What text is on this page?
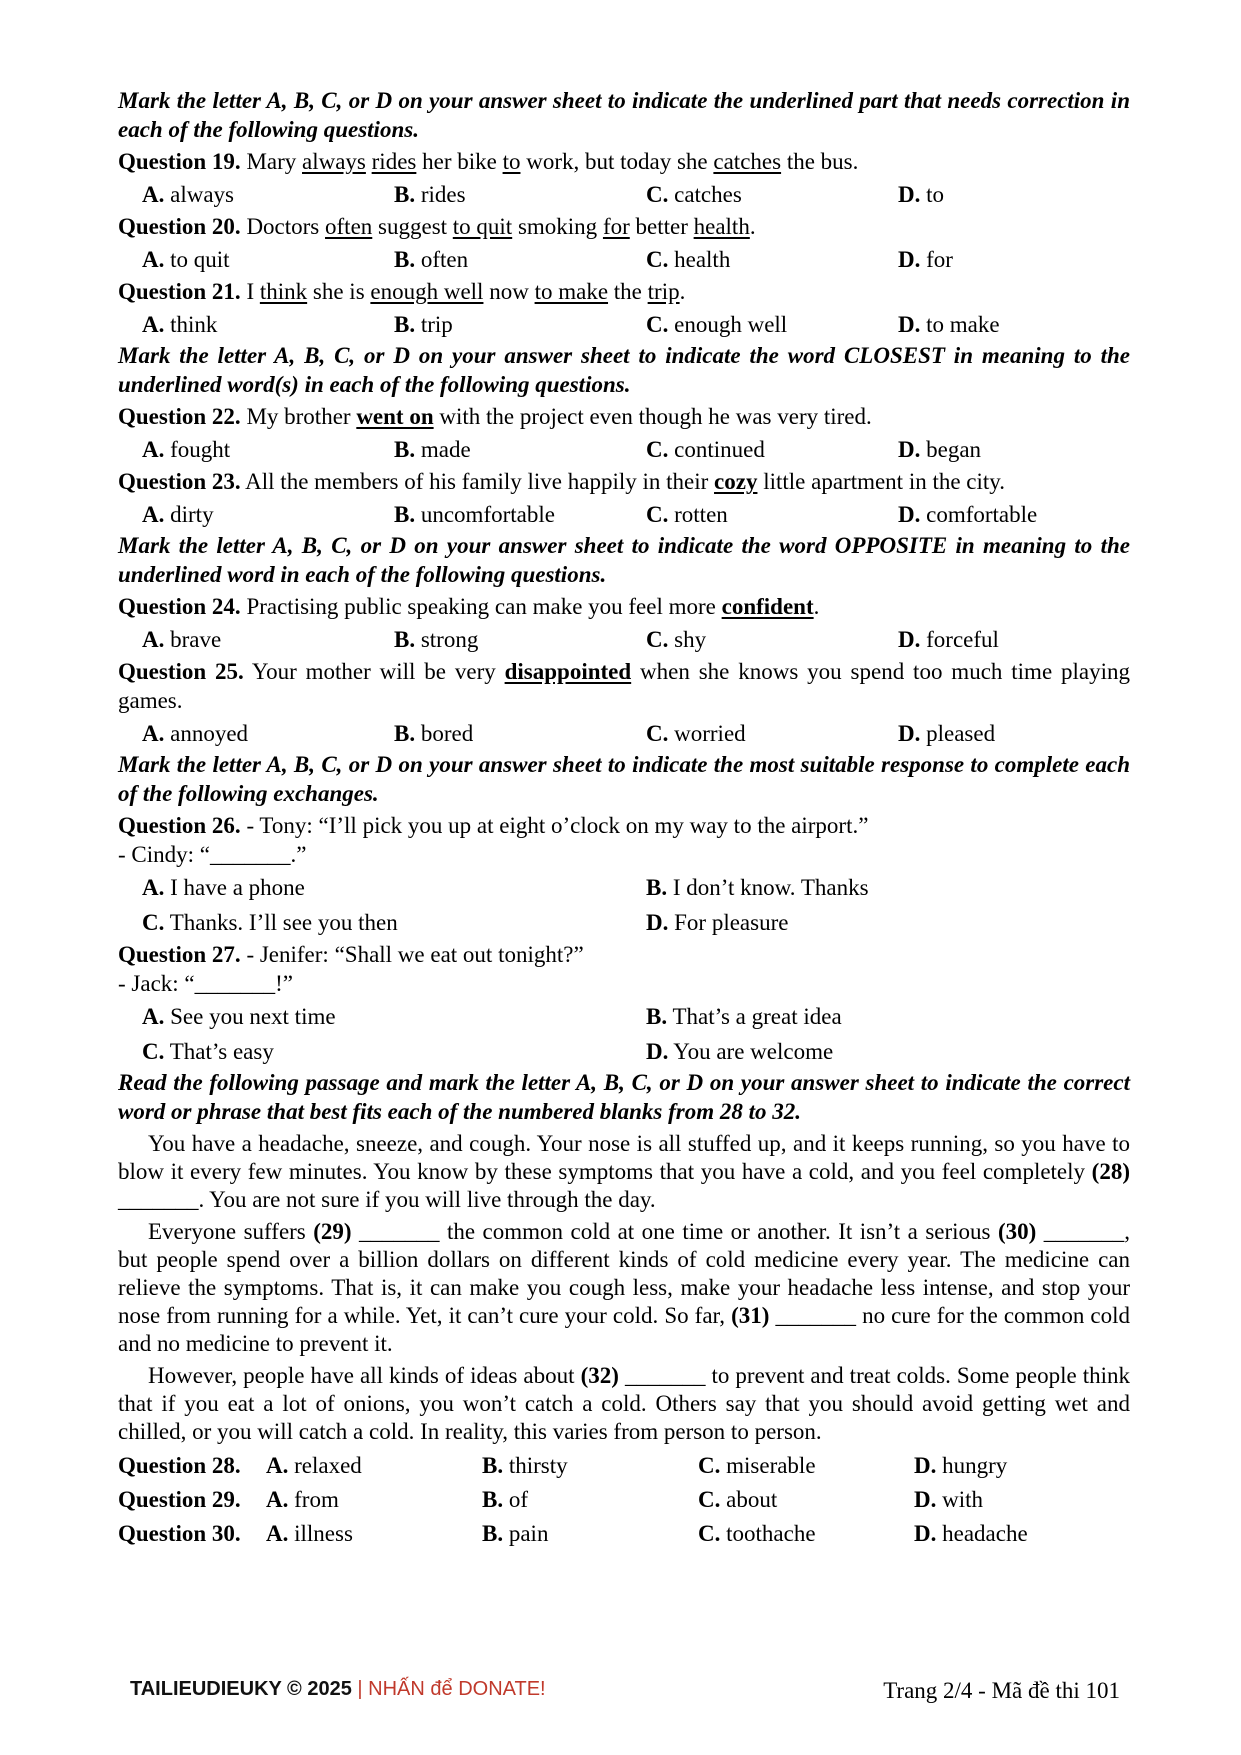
Mark the letter A, B, C, or D on your answer sheet to indicate the underlined part that needs correction in each of the following questions.
Question 19. Mary always rides her bike to work, but today she catches the bus.
A. always	B. rides	C. catches	D. to
Question 20. Doctors often suggest to quit smoking for better health.
A. to quit	B. often	C. health	D. for
Question 21. I think she is enough well now to make the trip.
A. think	B. trip	C. enough well	D. to make
Mark the letter A, B, C, or D on your answer sheet to indicate the word CLOSEST in meaning to the underlined word(s) in each of the following questions.
Question 22. My brother went on with the project even though he was very tired.
A. fought	B. made	C. continued	D. began
Question 23. All the members of his family live happily in their cozy little apartment in the city.
A. dirty	B. uncomfortable	C. rotten	D. comfortable
Mark the letter A, B, C, or D on your answer sheet to indicate the word OPPOSITE in meaning to the underlined word in each of the following questions.
Question 24. Practising public speaking can make you feel more confident.
A. brave	B. strong	C. shy	D. forceful
Question 25. Your mother will be very disappointed when she knows you spend too much time playing games.
A. annoyed	B. bored	C. worried	D. pleased
Mark the letter A, B, C, or D on your answer sheet to indicate the most suitable response to complete each of the following exchanges.
Question 26. - Tony: “I’ll pick you up at eight o’clock on my way to the airport.”
- Cindy: “_______.”
A. I have a phone	B. I don’t know. Thanks
C. Thanks. I’ll see you then	D. For pleasure
Question 27. - Jenifer: “Shall we eat out tonight?”
- Jack: “_______!”
A. See you next time	B. That’s a great idea
C. That’s easy	D. You are welcome
Read the following passage and mark the letter A, B, C, or D on your answer sheet to indicate the correct word or phrase that best fits each of the numbered blanks from 28 to 32.
You have a headache, sneeze, and cough. Your nose is all stuffed up, and it keeps running, so you have to blow it every few minutes. You know by these symptoms that you have a cold, and you feel completely (28) _______. You are not sure if you will live through the day.
Everyone suffers (29) _______ the common cold at one time or another. It isn’t a serious (30) _______, but people spend over a billion dollars on different kinds of cold medicine every year. The medicine can relieve the symptoms. That is, it can make you cough less, make your headache less intense, and stop your nose from running for a while. Yet, it can’t cure your cold. So far, (31) _______ no cure for the common cold and no medicine to prevent it.
However, people have all kinds of ideas about (32) _______ to prevent and treat colds. Some people think that if you eat a lot of onions, you won’t catch a cold. Others say that you should avoid getting wet and chilled, or you will catch a cold. In reality, this varies from person to person.
Question 28.	A. relaxed	B. thirsty	C. miserable	D. hungry
Question 29.	A. from	B. of	C. about	D. with
Question 30.	A. illness	B. pain	C. toothache	D. headache
TAILIEUDIEUKY © 2025 | NHẤN để DONATE!	Trang 2/4 - Mã đề thi 101
